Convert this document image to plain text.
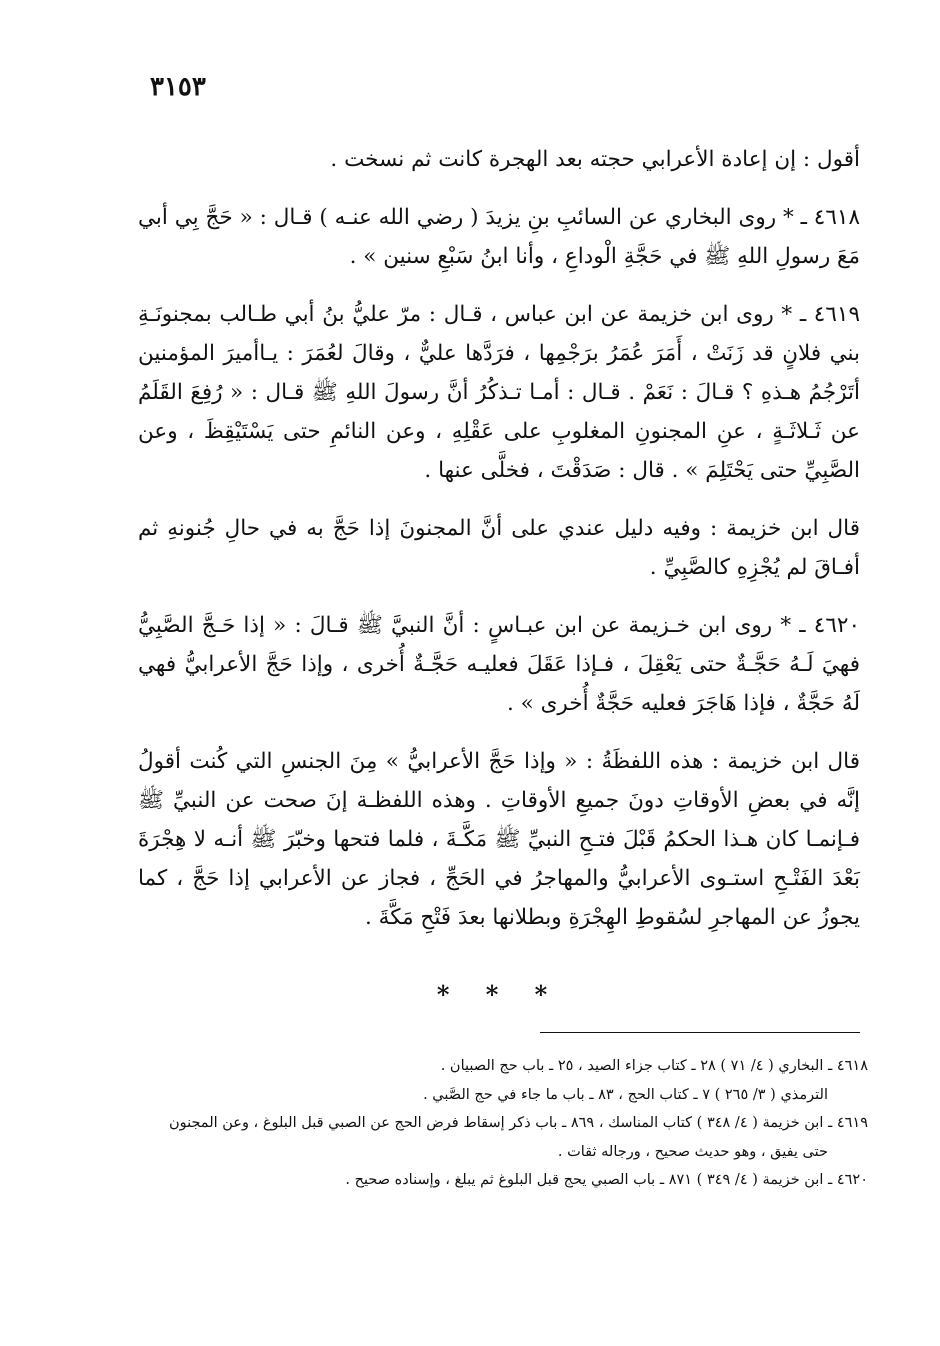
٣١٥٣

أقول : إن إعادة الأعرابي حجته بعد الهجرة كانت ثم نسخت .

٤٦١٨ ـ * روى البخاري عن السائبِ بنِ يزيدَ ( رضي الله عنـه ) قـال : « حَجَّ بِي أبي مَعَ رسولِ اللهِ ﷺ في حَجَّةِ الْوداعِ ، وأنا ابنُ سَبْعِ سنين » .

٤٦١٩ ـ * روى ابن خزيمة عن ابن عباس ، قـال : مرّ عليُّ بنُ أبي طـالب بمجنونَـةِ بني فلانٍ قد زَنَتْ ، أَمَرَ عُمَرُ برَجْمِها ، فرَدَّها عليٌّ ، وقالَ لعُمَرَ : يـاأميرَ المؤمنين أتَرْجُمُ هـذهِ ؟ قـالَ : نَعَمْ . قـال : أمـا تـذكُرُ أنَّ رسولَ اللهِ ﷺ قـال : « رُفِعَ القَلَمُ عن ثَـلاثَـةٍ ، عنِ المجنونِ المغلوبِ على عَقْلِهِ ، وعن النائمِ حتى يَسْتَيْقِظَ ، وعن الصَّبِيِّ حتى يَحْتَلِمَ » . قال : صَدَقْتَ ، فخلَّى عنها .

قال ابن خزيمة : وفيه دليل عندي على أنَّ المجنونَ إذا حَجَّ به في حالِ جُنونهِ ثم أفـاقَ لم يُجْزِهِ كالصَّبِيِّ .

٤٦٢٠ ـ * روى ابن خـزيمة عن ابن عبـاسٍ : أنَّ النبيَّ ﷺ قـالَ : « إذا حَـجَّ الصَّبِيُّ فهيَ لَـهُ حَجَّـةٌ حتى يَعْقِلَ ، فـإذا عَقَلَ فعليـه حَجَّـةٌ أُخرى ، وإذا حَجَّ الأعرابيُّ فهي لَهُ حَجَّةٌ ، فإذا هَاجَرَ فعليه حَجَّةٌ أُخرى » .

قال ابن خزيمة : هذه اللفظَةُ : « وإذا حَجَّ الأعرابيُّ » مِنَ الجنسِ التي كُنت أقولُ إنَّه في بعضِ الأوقاتِ دونَ جميعِ الأوقاتِ . وهذه اللفظـة إنَ صحت عن النبيِّ ﷺ فـإنمـا كان هـذا الحكمُ قَبْلَ فتـحِ النبيِّ ﷺ مَكَّـةَ ، فلما فتحها وخبّرَ ﷺ أنـه لا هِجْرَةَ بَعْدَ الفَتْـحِ استـوى الأعرابيُّ والمهاجرُ في الحَجِّ ، فجاز عن الأعرابي إذا حَجَّ ، كما يجوزُ عن المهاجرِ لسُقوطِ الهِجْرَةِ وبطلانها بعدَ فَتْحِ مَكَّةَ .

* * *

٤٦١٨ ـ البخاري ( ٤/ ٧١ ) ٢٨ ـ كتاب جزاء الصيد ، ٢٥ ـ باب حج الصبيان .

الترمذي ( ٣/ ٢٦٥ ) ٧ ـ كتاب الحج ، ٨٣ ـ باب ما جاء في حج الصَّبي .

٤٦١٩ ـ ابن خزيمة ( ٤/ ٣٤٨ ) كتاب المناسك ، ٨٦٩ ـ باب ذكر إسقاط فرض الحج عن الصبي قبل البلوغ ، وعن المجنون

حتى يفيق ، وهو حديث صحيح ، ورجاله ثقات .

٤٦٢٠ ـ ابن خزيمة ( ٤/ ٣٤٩ ) ٨٧١ ـ باب الصبي يحج قبل البلوغ ثم يبلغ ، وإسناده صحيح .
